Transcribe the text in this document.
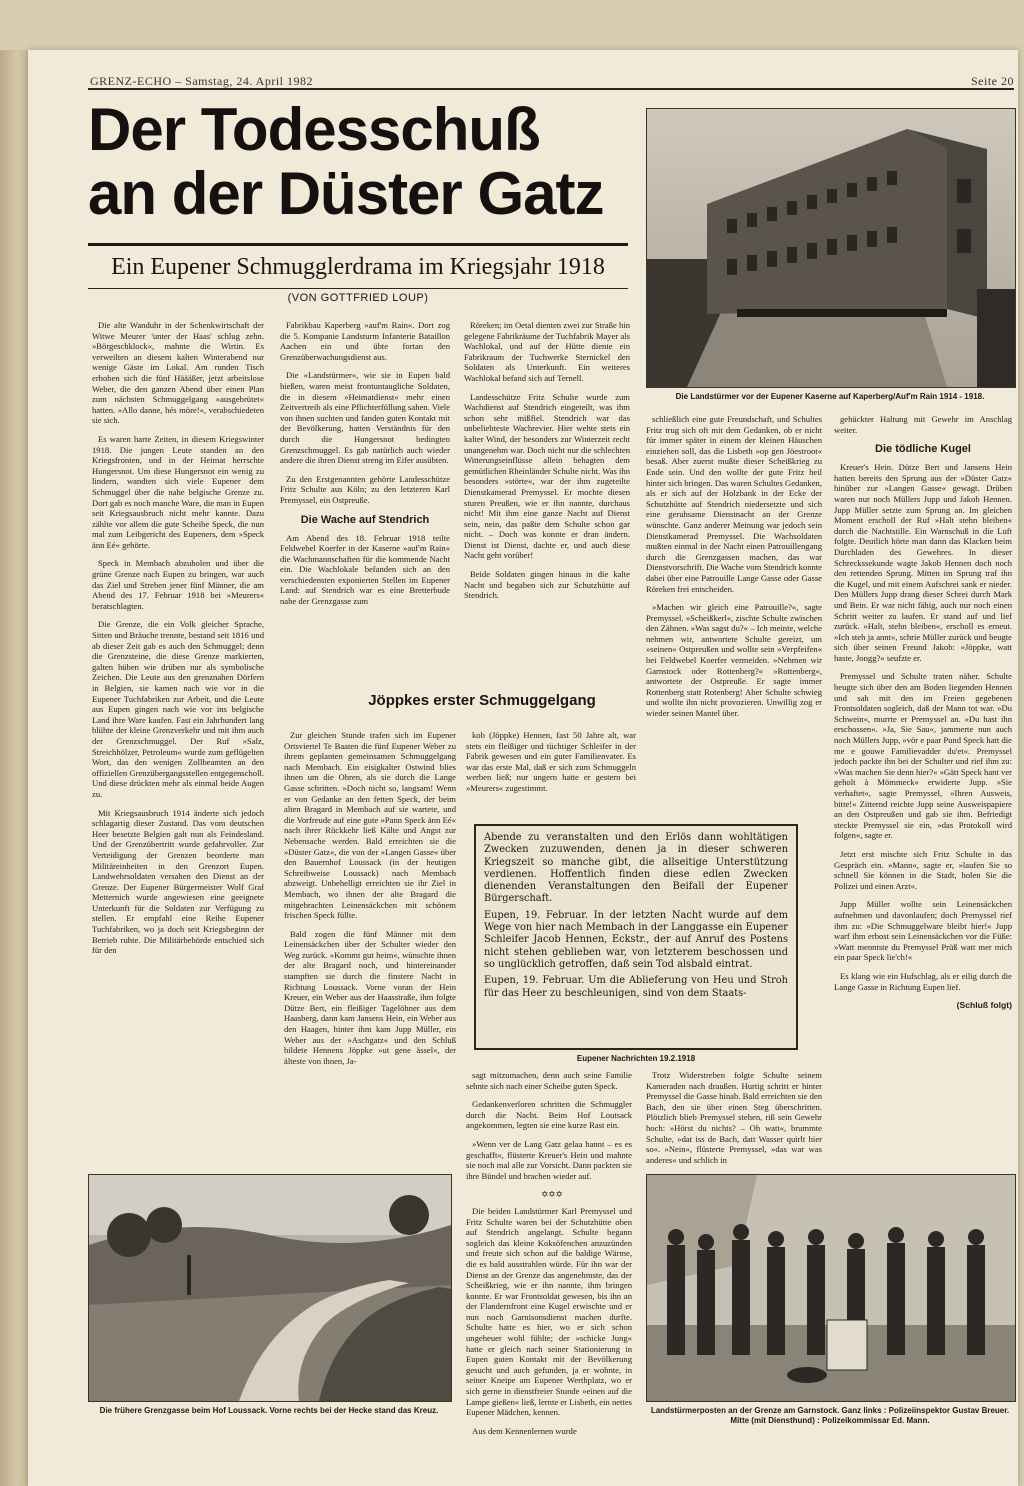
GRENZ-ECHO – Samstag, 24. April 1982	Seite 20
Der Todesschuß
an der Düster Gatz
Ein Eupener Schmugglerdrama im Kriegsjahr 1918
(VON GOTTFRIED LOUP)
Die Landstürmer vor der Eupener Kaserne auf Kaperberg/Auf'm Rain 1914 - 1918.

Die alte Wanduhr in der Schenkwirtschaft der Witwe Meurer 'unter der Haas' schlug zehn. »Börgeschklock«, mahnte die Wirtin. Es verweilten an diesem kalten Winterabend nur wenige Gäste im Lokal. Am runden Tisch erhoben sich die fünf Häääßer, jetzt arbeitslose Weber, die den ganzen Abend über einen Plan zum nächsten Schmuggelgang »ausgebrütet« hatten. »Allo danne, hés möre!«, verabschiedeten sie sich.

Es waren harte Zeiten, in diesem Kriegswinter 1918. Die jungen Leute standen an den Kriegsfronten, und in der Heimat herrschte Hungersnot. Um diese Hungersnot ein wenig zu lindern, wandten sich viele Eupener dem Schmuggel über die nahe belgische Grenze zu. Dort gab es noch manche Ware, die man in Eupen seit Kriegsausbruch nicht mehr kannte. Dazu zählte vor allem die gute Scheibe Speck, die nun mal zum Leibgericht des Eupeners, dem »Speck änn Eé« gehörte.

Speck in Membach abzuholen und über die grüne Grenze nach Eupen zu bringen, war auch das Ziel und Streben jener fünf Männer, die am Abend des 17. Februar 1918 bei »Meurers« beratschlagten.

Die Grenze, die ein Volk gleicher Sprache, Sitten und Bräuche trennte, bestand seit 1816 und ab dieser Zeit gab es auch den Schmuggel; denn die Grenzsteine, die diese Grenze markierten, galten hüben wie drüben nur als symbolische Zeichen. Die Leute aus den grenznahen Dörfern in Belgien, sie kamen nach wie vor in die Eupener Tuchfabriken zur Arbeit, und die Leute aus Eupen gingen nach wie vor ins belgische Land ihre Ware kaufen. Fast ein Jahrhundert lang blühte der kleine Grenzverkehr und mit ihm auch der Grenzschmuggel. Der Ruf »Salz, Streichhölzer, Petroleum« wurde zum geflügelten Wort, das den wenigen Zollbeamten an den offiziellen Grenzübergangsstellen entgegenscholl. Und diese drückten mehr als einmal beide Augen zu.

Mit Kriegsausbruch 1914 änderte sich jedoch schlagartig dieser Zustand. Das vom deutschen Heer besetzte Belgien galt nun als Feindesland. Und der Grenzübertritt wurde gefahrvoller. Zur Verteidigung der Grenzen beorderte man Militäreinheiten in den Grenzort Eupen. Landwehrsoldaten versahen den Dienst an der Grenze. Der Eupener Bürgermeister Wolf Graf Metternich wurde angewiesen eine geeignete Unterkunft für die Soldaten zur Verfügung zu stellen. Er empfahl eine Reihe Eupener Tuchfabriken, wo ja doch seit Kriegsbeginn der Betrieb ruhte. Die Militärbehörde entschied sich für den

Fabrikbau Kaperberg »auf'm Rain«. Dort zog die 5. Kompanie Landsturm Infanterie Bataillon Aachen ein und übte fortan den Grenzüberwachungsdienst aus.

Die »Landstürmer«, wie sie in Eupen bald hießen, waren meist frontuntaugliche Soldaten, die in diesem »Heimatdienst« mehr einen Zeitvertreib als eine Pflichterfüllung sahen. Viele von ihnen suchten und fanden guten Kontakt mit der Bevölkerung, hatten Verständnis für den durch die Hungersnot bedingten Grenzschmuggel. Es gab natürlich auch wieder andere die ihren Dienst streng im Eifer ausübten.

Zu den Erstgenannten gehörte Landesschütze Fritz Schulte aus Köln; zu den letzteren Karl Premyssel, ein Ostpreuße.

Die Wache auf Stendrich

Am Abend des 18. Februar 1918 teilte Feldwebel Koerfer in der Kaserne »auf'm Rain« die Wachmannschaften für die kommende Nacht ein. Die Wachlokale befanden sich an den verschiedensten exponierten Stellen im Eupener Land: auf Stendrich war es eine Bretterbude nahe der Grenzgasse zum

Röreken; im Oetal dienten zwei zur Straße hin gelegene Fabrikräume der Tuchfabrik Mayer als Wachlokal, und auf der Hütte diente ein Fabrikraum der Tuchwerke Sternickel den Soldaten als Unterkunft. Ein weiteres Wachlokal befand sich auf Ternell.

Landesschütze Fritz Schulte wurde zum Wachdienst auf Stendrich eingeteilt, was ihm schon sehr mißfiel. Stendrich war das unbeliebteste Wachrevier. Hier wehte stets ein kalter Wind, der besonders zur Winterzeit recht unangenehm war. Doch nicht nur die schlechten Witterungseinflüsse allein behagten dem gemütlichen Rheinländer Schulte nicht. Was ihn besonders »störte«, war der ihm zugeteilte Dienstkamerad Premyssel. Er mochte diesen sturen Preußen, wie er ihn nannte, durchaus nicht! Mit ihm eine ganze Nacht auf Dienst sein, nein, das paßte dem Schulte schon gar nicht. – Doch was konnte er dran ändern. Dienst ist Dienst, dachte er, und auch diese Nacht geht vorüber!

Beide Soldaten gingen hinaus in die kalte Nacht und begaben sich zur Schutzhütte auf Stendrich.

schließlich eine gute Freundschaft, und Schultes Fritz trug sich oft mit dem Gedanken, ob er nicht für immer später in einem der kleinen Häuschen einziehen soll, das die Lisbeth »op gen Jöestroot« besaß. Aber zuerst mußte dieser Scheißkrieg zu Ende sein. Und den wollte der gute Fritz heil hinter sich bringen. Das waren Schultes Gedanken, als er sich auf der Holzbank in der Ecke der Schutzhütte auf Stendrich niedersetzte und sich eine geruhsame Dienstnacht an der Grenze wünschte. Ganz anderer Meinung war jedoch sein Dienstkamerad Premyssel. Die Wachsoldaten mußten einmal in der Nacht einen Patrouillengang durch die Grenzgassen machen, das war Dienstvorschrift. Die Wache vom Stendrich konnte dabei über eine Patrouille Lange Gasse oder Gasse Röreken frei entscheiden.

»Machen wir gleich eine Patrouille?«, sagte Premyssel. »Scheißkerl«, zischte Schulte zwischen den Zähnen. »Was sagst du?« – Ich meinte, welche nehmen wir, antwortete Schulte gereizt, um »seinen« Ostpreußen und wollte sein »Verpfeifen« bei Feldwebel Koerfer vermeiden. »Nehmen wir Garnstock oder Rottenberg?« »Rottenberg«, antwortete der Ostpreuße. Er sagte immer Rottenberg statt Rotenberg! Aber Schulte schwieg und wollte ihn nicht provozieren. Unwillig zog er wieder seinen Mantel über.

gehückter Haltung mit Gewehr im Anschlag weiter.

Die tödliche Kugel

Kreuer's Hein. Dütze Bert und Jansens Hein hatten bereits den Sprung aus der »Düster Gatz« hinüber zur »Langen Gasse« gewagt. Drüben waren nur noch Müllers Jupp und Jakob Hennen. Jupp Müller setzte zum Sprung an. Im gleichen Moment erscholl der Ruf »Halt stehn bleiben« durch die Nachtstille. Ein Warnschuß in die Luft folgte. Deutlich hörte man dann das Klacken beim Durchladen des Gewehres. In dieser Schreckssekunde wagte Jakob Hennen doch noch den rettenden Sprung. Mitten im Sprung traf ihn die Kugel, und mit einem Aufschrei sank er nieder. Den Müllers Jupp drang dieser Schrei durch Mark und Bein. Er war nicht fähig, auch nur noch einen Schritt weiter zu laufen. Er stand auf und lief zurück. »Halt, stehn bleiben«, erscholl es erneut. »Ich steh ja annt«, schrie Müller zurück und beugte sich über seinen Freund Jakob: »Jöppke, watt haste, Jongg?« seufzte er.

Premyssel und Schulte traten näher. Schulte beugte sich über den am Boden liegenden Hennen und sah mit den im Freien gegebenen Frontsoldaten sogleich, daß der Mann tot war. »Du Schwein«, murrte er Premyssel an. »Du hast ihn erschossen«. »Ja, Sie Sau«, jammerte nun auch noch Müllers Jupp, »vör e paar Pund Speck hatt die me e gouwe Familievadder du'et«. Premyssel jedoch packte ihn bei der Schulter und rief ihm zu: »Was machen Sie denn hier?« »Gätt Speck hant ver geholt à Mömmeck« erwiderte Jupp. »Sie verhaftet«, sagte Premyssel, »Ihren Ausweis, bitte!« Zitternd reichte Jupp seine Ausweispapiere an den Ostpreußen und gab sie ihm. Befriedigt steckte Premyssel sie ein, »das Protokoll wird folgen«, sagte er.

Jetzt erst mischte sich Fritz Schulte in das Gespräch ein. »Mann«, sagte er, »laufen Sie so schnell Sie können in die Stadt, holen Sie die Polizei und einen Arzt«.

Jupp Müller wollte sein Leinensäckchen aufnehmen und davonlaufen; doch Premyssel rief ihm zu: »Die Schmuggelware bleibt hier!« Jupp warf ihm erbost sein Leinensäckchen vor die Füße: »Watt menntste du Premyssel Prüß watt mer mich ein paar Speck lie'ch!«

Es klang wie ein Hufschlag, als er eilig durch die Lange Gasse in Richtung Eupen lief.

(Schluß folgt)

Jöppkes erster Schmuggelgang

Zur gleichen Stunde trafen sich im Eupener Ortsviertel Te Baaten die fünf Eupener Weber zu ihrem geplanten gemeinsamen Schmuggelgang nach Membach. Ein eisigkalter Ostwind blies ihnen um die Ohren, als sie durch die Lange Gasse schritten. »Doch nicht so, langsam! Wenn er von Gedanke an den fetten Speck, der beim alten Bragard in Membach auf sie wartete, und die Vorfreude auf eine gute »Pann Speck änn Eé« nach ihrer Rückkehr ließ Kälte und Angst zur Nebensache werden. Bald erreichten sie die »Düster Gatz«, die von der »Langen Gasse« über den Bauernhof Loussack (in der heutigen Schreibweise Loussack) nach Membach abzweigt. Unbehelligt erreichten sie ihr Ziel in Membach, wo ihnen der alte Bragard die mitgebrachten Leinensäckchen mit schönem frischen Speck füllte.

Bald zogen die fünf Männer mit dem Leinensäckchen über der Schulter wieder den Weg zurück. »Kommt gut heim«, wünschte ihnen der alte Bragard noch, und hintereinander stampften sie durch die finstere Nacht in Richtung Loussack. Vorne voran der Hein Kreuer, ein Weber aus der Haasstraße, ihm folgte Dütze Bert, ein fleißiger Tagelöhner aus dem Haasberg, dann kam Jansens Hein, ein Weber aus den Haagen, hinter ihm kam Jupp Müller, ein Weber aus der »Aschgatz« und den Schluß bildete Hennens Jöppke »ut gene ässel«, der älteste von ihnen, Ja-

kob (Jöppke) Hennen, fast 50 Jahre alt, war stets ein fleißiger und tüchtiger Schleifer in der Fabrik gewesen und ein guter Familienvater. Es war das erste Mal, daß er sich zum Schmuggeln werben ließ; nur ungern hatte er gestern bei »Meurers« zugestimmt.

Abende zu veranstalten und den Erlös dann wohltätigen Zwecken zuzuwenden, denen ja in dieser schweren Kriegszeit so manche gibt, die allseitige Unterstützung verdienen. Hoffentlich finden diese edlen Zwecken dienenden Veranstaltungen den Beifall der Eupener Bürgerschaft.

Eupen, 19. Februar. In der letzten Nacht wurde auf dem Wege von hier nach Membach in der Langgasse ein Eupener Schleifer Jacob Hennen, Eckstr., der auf Anruf des Postens nicht stehen geblieben war, von letzterem beschossen und so unglücklich getroffen, daß sein Tod alsbald eintrat.

Eupen, 19. Februar. Um die Ablieferung von Heu und Stroh für das Heer zu beschleunigen, sind von dem Staats-

Eupener Nachrichten 19.2.1918

sagt mitzumachen, denn auch seine Familie sehnte sich nach einer Scheibe guten Speck.

Gedankenverloren schritten die Schmuggler durch die Nacht. Beim Hof Loutsack angekommen, legten sie eine kurze Rast ein.

»Wenn ver de Lang Gatz gelaa hannt – es es geschafft«, flüsterte Kreuer's Hein und mahnte sie noch mal alle zur Vorsicht. Dann packten sie ihre Bündel und brachen wieder auf.

✡✡✡

Die beiden Landstürmer Karl Premyssel und Fritz Schulte waren bei der Schutzhütte oben auf Stendrich angelangt. Schulte begann sogleich das kleine Koksöfenchen anzuzünden und freute sich schon auf die baldige Wärme, die es bald ausstrahlen würde. Für ihn war der Dienst an der Grenze das angenehmste, das der Scheißkrieg, wie er ihn nannte, ihm bringen konnte. Er war Frontsoldat gewesen, bis ihn an der Flandernfront eine Kugel erwischte und er nun noch Garnisonsdienst machen durfte. Schulte hatte es hier, wo er sich schon ungeheuer wohl fühlte; der »schicke Jung« hatte er gleich nach seiner Stationierung in Eupen guten Kontakt mit der Bevölkerung gesucht und auch gefunden, ja er wohnte, in seiner Kneipe am Eupener Werthplatz, wo er sich gerne in dienstfreier Stunde »einen auf die Lampe gießen« ließ, lernte er Lisbeth, ein nettes Eupener Mädchen, kennen.

Aus dem Kennenlernen wurde

Trotz Widerstreben folgte Schulte seinem Kameraden nach draußen. Hurtig schritt er hinter Premyssel die Gasse hinab. Bald erreichten sie den Bach, den sie über einen Steg überschritten. Plötzlich blieb Premyssel stehen, riß sein Gewehr hoch: »Hörst du nichts? – Oh watt«, brummte Schulte, »dat iss de Bach, datt Wasser quirlt hier so«. »Nein«, flüsterte Premyssel, »das war was anderes« und schlich in

Die frühere Grenzgasse beim Hof Loussack. Vorne rechts bei der Hecke stand das Kreuz.	Landstürmerposten an der Grenze am Garnstock. Ganz links : Polizeiinspektor Gustav Breuer. Mitte (mit Diensthund) : Polizeikommissar Ed. Mann.
